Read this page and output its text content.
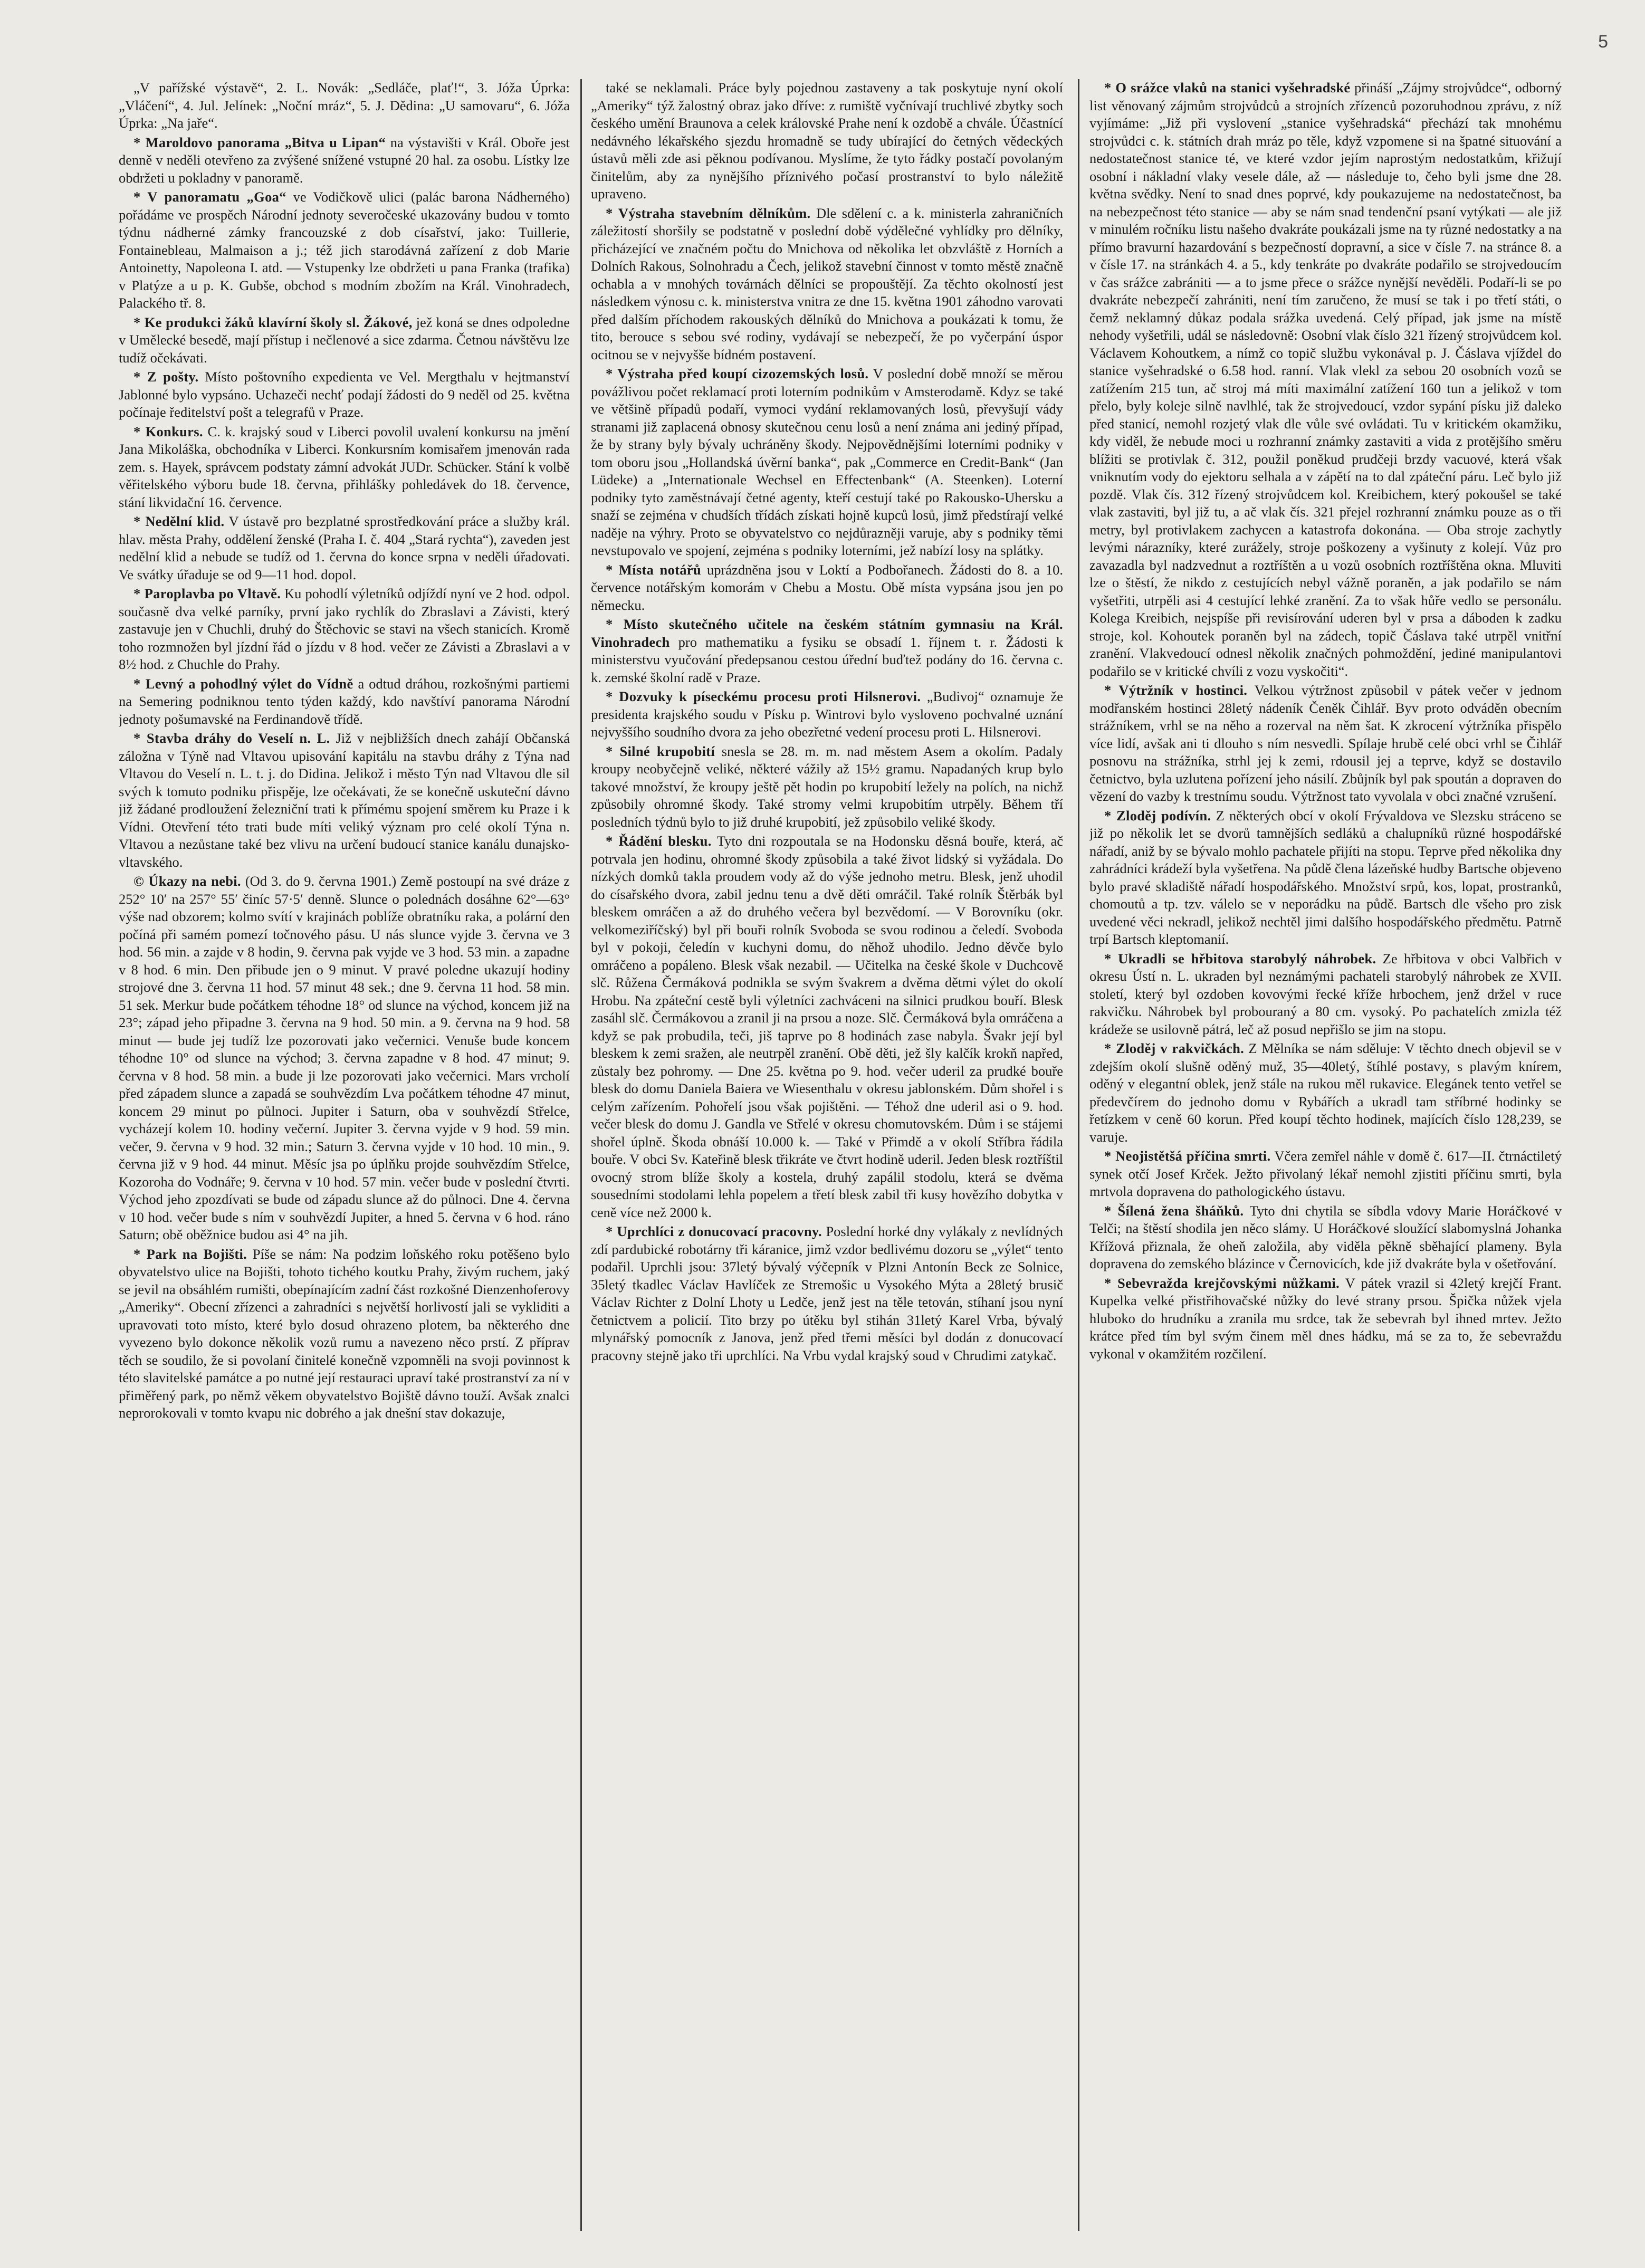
5

„V pařížské výstavě“, 2. L. Novák: „Sedláče, plať!“, 3. Jóža Úprka: „Vláčení“, 4. Jul. Jelínek: „Noční mráz“, 5. J. Dědina: „U samovaru“, 6. Jóža Úprka: „Na jaře“.

* Maroldovo panorama „Bitva u Lipan“ na výstavišti v Král. Oboře jest denně v neděli otevřeno za zvýšené snížené vstupné 20 hal. za osobu. Lístky lze obdržeti u pokladny v panoramě.

* V panoramatu „Goa“ ve Vodičkově ulici (palác barona Nádherného) pořádáme ve prospěch Národní jednoty severočeské ukazovány budou v tomto týdnu nádherné zámky francouzské z dob císařství, jako: Tuillerie, Fontainebleau, Malmaison a j.; též jich starodávná zařízení z dob Marie Antoinetty, Napoleona I. atd. — Vstupenky lze obdržeti u pana Franka (trafika) v Platýze a u p. K. Gubše, obchod s modním zbožím na Král. Vinohradech, Palackého tř. 8.

* Ke produkci žáků klavírní školy sl. Žákové, jež koná se dnes odpoledne v Umělecké besedě, mají přístup i nečlenové a sice zdarma. Četnou návštěvu lze tudíž očekávati.

* Z pošty. Místo poštovního expedienta ve Vel. Mergthalu v hejtmanství Jablonné bylo vypsáno. Uchazeči nechť podají žádosti do 9 neděl od 25. května počínaje ředitelství pošt a telegrafů v Praze.

* Konkurs. C. k. krajský soud v Liberci povolil uvalení konkursu na jmění Jana Mikoláška, obchodníka v Liberci. Konkursním komisařem jmenován rada zem. s. Hayek, správcem podstaty zámní advokát JUDr. Schücker. Stání k volbě věřitelského výboru bude 18. června, přihlášky pohledávek do 18. července, stání likvidační 16. července.

* Nedělní klid. V ústavě pro bezplatné sprostředkování práce a služby král. hlav. města Prahy, oddělení ženské (Praha I. č. 404 „Stará rychta“), zaveden jest nedělní klid a nebude se tudíž od 1. června do konce srpna v neděli úřadovati. Ve svátky úřaduje se od 9—11 hod. dopol.

* Paroplavba po Vltavě. Ku pohodlí výletníků odjíždí nyní ve 2 hod. odpol. současně dva velké parníky, první jako rychlík do Zbraslavi a Závisti, který zastavuje jen v Chuchli, druhý do Štěchovic se stavi na všech stanicích. Kromě toho rozmnožen byl jízdní řád o jízdu v 8 hod. večer ze Závisti a Zbraslavi a v 8½ hod. z Chuchle do Prahy.

* Levný a pohodlný výlet do Vídně a odtud dráhou, rozkošnými partiemi na Semering podniknou tento týden každý, kdo navštíví panorama Národní jednoty pošumavské na Ferdinandově třídě.

* Stavba dráhy do Veselí n. L. Již v nejbližších dnech zahájí Občanská záložna v Týně nad Vltavou upisování kapitálu na stavbu dráhy z Týna nad Vltavou do Veselí n. L. t. j. do Didina. Jelikož i město Týn nad Vltavou dle sil svých k tomuto podniku přispěje, lze očekávati, že se konečně uskuteční dávno již žádané prodloužení železniční trati k přímému spojení směrem ku Praze i k Vídni. Otevření této trati bude míti veliký význam pro celé okolí Týna n. Vltavou a nezůstane také bez vlivu na určení budoucí stanice kanálu dunajsko-vltavského.

© Úkazy na nebi. (Od 3. do 9. června 1901.) Země postoupí na své dráze z 252° 10′ na 257° 55′ činíc 57·5′ denně. Slunce o polednách dosáhne 62°—63° výše nad obzorem; kolmo svítí v krajinách poblíže obratníku raka, a polární den počíná při samém pomezí točnového pásu. U nás slunce vyjde 3. června ve 3 hod. 56 min. a zajde v 8 hodin, 9. června pak vyjde ve 3 hod. 53 min. a zapadne v 8 hod. 6 min. Den přibude jen o 9 minut. V pravé poledne ukazují hodiny strojové dne 3. června 11 hod. 57 minut 48 sek.; dne 9. června 11 hod. 58 min. 51 sek. Merkur bude počátkem téhodne 18° od slunce na východ, koncem již na 23°; západ jeho připadne 3. června na 9 hod. 50 min. a 9. června na 9 hod. 58 minut — bude jej tudíž lze pozorovati jako večernici. Venuše bude koncem téhodne 10° od slunce na východ; 3. června zapadne v 8 hod. 47 minut; 9. června v 8 hod. 58 min. a bude ji lze pozorovati jako večernici. Mars vrcholí před západem slunce a zapadá se souhvězdím Lva počátkem téhodne 47 minut, koncem 29 minut po půlnoci. Jupiter i Saturn, oba v souhvězdí Střelce, vycházejí kolem 10. hodiny večerní. Jupiter 3. června vyjde v 9 hod. 59 min. večer, 9. června v 9 hod. 32 min.; Saturn 3. června vyjde v 10 hod. 10 min., 9. června již v 9 hod. 44 minut. Měsíc jsa po úplňku projde souhvězdím Střelce, Kozoroha do Vodnáře; 9. června v 10 hod. 57 min. večer bude v poslední čtvrti. Východ jeho zpozdívati se bude od západu slunce až do půlnoci. Dne 4. června v 10 hod. večer bude s ním v souhvězdí Jupiter, a hned 5. června v 6 hod. ráno Saturn; obě oběžnice budou asi 4° na jih.

* Park na Bojišti. Píše se nám: Na podzim loňského roku potěšeno bylo obyvatelstvo ulice na Bojišti, tohoto tichého koutku Prahy, živým ruchem, jaký se jevil na obsáhlém rumišti, obepínajícím zadní část rozkošné Dienzenhoferovy „Ameriky“. Obecní zřízenci a zahradníci s největší horlivostí jali se vykliditi a upravovati toto místo, které bylo dosud ohrazeno plotem, ba některého dne vyvezeno bylo dokonce několik vozů rumu a navezeno něco prstí. Z příprav těch se soudilo, že si povolaní činitelé konečně vzpomněli na svoji povinnost k této slavitelské památce a po nutné její restauraci upraví také prostranství za ní v přiměřený park, po němž věkem obyvatelstvo Bojiště dávno touží. Avšak znalci neprorokovali v tomto kvapu nic dobrého a jak dnešní stav dokazuje,

také se neklamali. Práce byly pojednou zastaveny a tak poskytuje nyní okolí „Ameriky“ týž žalostný obraz jako dříve: z rumiště vyčnívají truchlivé zbytky soch českého umění Braunova a celek královské Prahe není k ozdobě a chvále. Účastnící nedávného lékařského sjezdu hromadně se tudy ubírající do četných vědeckých ústavů měli zde asi pěknou podívanou. Myslíme, že tyto řádky postačí povolaným činitelům, aby za nynějšího příznivého počasí prostranství to bylo náležitě upraveno.

* Výstraha stavebním dělníkům. Dle sdělení c. a k. ministerla zahraničních záležitostí shoršily se podstatně v poslední době výdělečné vyhlídky pro dělníky, přicházející ve značném počtu do Mnichova od několika let obzvláště z Horních a Dolních Rakous, Solnohradu a Čech, jelikož stavební činnost v tomto městě značně ochabla a v mnohých továrnách dělníci se propouštějí. Za těchto okolností jest následkem výnosu c. k. ministerstva vnitra ze dne 15. května 1901 záhodno varovati před dalším příchodem rakouských dělníků do Mnichova a poukázati k tomu, že tito, berouce s sebou své rodiny, vydávají se nebezpečí, že po vyčerpání úspor ocitnou se v nejvyšše bídném postavení.

* Výstraha před koupí cizozemských losů. V poslední době množí se měrou povážlivou počet reklamací proti loterním podnikům v Amsterodamě. Kdyz se také ve většině případů podaří, vymoci vydání reklamovaných losů, převyšují vády stranami již zaplacená obnosy skutečnou cenu losů a není známa ani jediný případ, že by strany byly bývaly uchráněny škody. Nejpovědnějšími loterními podniky v tom oboru jsou „Hollandská úvěrní banka“, pak „Commerce en Credit-Bank“ (Jan Lüdeke) a „Internationale Wechsel en Effectenbank“ (A. Steenken). Loterní podniky tyto zaměstnávají četné agenty, kteří cestují také po Rakousko-Uhersku a snaží se zejména v chudších třídách získati hojně kupců losů, jimž předstírají velké naděje na výhry. Proto se obyvatelstvo co nejdůrazněji varuje, aby s podniky těmi nevstupovalo ve spojení, zejména s podniky loterními, jež nabízí losy na splátky.

* Místa notářů uprázdněna jsou v Loktí a Podbořanech. Žádosti do 8. a 10. července notářským komorám v Chebu a Mostu. Obě místa vypsána jsou jen po německu.

* Místo skutečného učitele na českém státním gymnasiu na Král. Vinohradech pro mathematiku a fysiku se obsadí 1. říjnem t. r. Žádosti k ministerstvu vyučování předepsanou cestou úřední buďtež podány do 16. června c. k. zemské školní radě v Praze.

* Dozvuky k píseckému procesu proti Hilsnerovi. „Budivoj“ oznamuje že presidenta krajského soudu v Písku p. Wintrovi bylo vysloveno pochvalné uznání nejvyššího soudního dvora za jeho obezřetné vedení procesu proti L. Hilsnerovi.

* Silné krupobití snesla se 28. m. m. nad městem Asem a okolím. Padaly kroupy neobyčejně veliké, některé vážily až 15½ gramu. Napadaných krup bylo takové množství, že kroupy ještě pět hodin po krupobití ležely na polích, na nichž způsobily ohromné škody. Také stromy velmi krupobitím utrpěly. Během tří posledních týdnů bylo to již druhé krupobití, jež způsobilo veliké škody.

* Řádění blesku. Tyto dni rozpoutala se na Hodonsku děsná bouře, která, ač potrvala jen hodinu, ohromné škody způsobila a také život lidský si vyžádala. Do nízkých domků takla proudem vody až do výše jednoho metru. Blesk, jenž uhodil do císařského dvora, zabil jednu tenu a dvě děti omráčil. Také rolník Štěrbák byl bleskem omráčen a až do druhého večera byl bezvědomí. — V Borovníku (okr. velkomeziříčský) byl při bouři rolník Svoboda se svou rodinou a čeledí. Svoboda byl v pokoji, čeledín v kuchyni domu, do něhož uhodilo. Jedno děvče bylo omráčeno a popáleno. Blesk však nezabil. — Učitelka na české škole v Duchcově slč. Růžena Čermáková podnikla se svým švakrem a dvěma dětmi výlet do okolí Hrobu. Na zpáteční cestě byli výletníci zachváceni na silnici prudkou bouří. Blesk zasáhl slč. Čermákovou a zranil ji na prsou a noze. Slč. Čermáková byla omráčena a když se pak probudila, teči, jiš taprve po 8 hodinách zase nabyla. Švakr její byl bleskem k zemi sražen, ale neutrpěl zranění. Obě děti, jež šly kalčík krokň napřed, zůstaly bez pohromy. — Dne 25. května po 9. hod. večer uderil za prudké bouře blesk do domu Daniela Baiera ve Wiesenthalu v okresu jablonském. Dům shořel i s celým zařízením. Pohořelí jsou však pojištěni. — Téhož dne uderil asi o 9. hod. večer blesk do domu J. Gandla ve Střelé v okresu chomutovském. Dům i se stájemi shořel úplně. Škoda obnáší 10.000 k. — Také v Přimdě a v okolí Stříbra řádila bouře. V obci Sv. Kateřině blesk třikráte ve čtvrt hodině uderil. Jeden blesk roztříštil ovocný strom blíže školy a kostela, druhý zapálil stodolu, která se dvěma sousedními stodolami lehla popelem a třetí blesk zabil tři kusy hovězího dobytka v ceně více než 2000 k.

* Uprchlíci z donucovací pracovny. Poslední horké dny vylákaly z nevlídných zdí pardubické robotárny tři káranice, jimž vzdor bedlivému dozoru se „výlet“ tento podařil. Uprchli jsou: 37letý bývalý výčepník v Plzni Antonín Beck ze Solnice, 35letý tkadlec Václav Havlíček ze Stremošic u Vysokého Mýta a 28letý brusič Václav Richter z Dolní Lhoty u Ledče, jenž jest na těle tetován, stíhaní jsou nyní četnictvem a policií. Tito brzy po útěku byl stihán 31letý Karel Vrba, bývalý mlynářský pomocník z Janova, jenž před třemi měsíci byl dodán z donucovací pracovny stejně jako tři uprchlíci. Na Vrbu vydal krajský soud v Chrudimi zatykač.

* O srážce vlaků na stanici vyšehradské přináší „Zájmy strojvůdce“, odborný list věnovaný zájmům strojvůdců a strojních zřízenců pozoruhodnou zprávu, z níž vyjímáme: „Již při vyslovení „stanice vyšehradská“ přechází tak mnohému strojvůdci c. k. státních drah mráz po těle, když vzpomene si na špatné situování a nedostatečnost stanice té, ve které vzdor jejím naprostým nedostatkům, křižují osobní i nákladní vlaky vesele dále, až — následuje to, čeho byli jsme dne 28. května svědky. Není to snad dnes poprvé, kdy poukazujeme na nedostatečnost, ba na nebezpečnost této stanice — aby se nám snad tendenční psaní vytýkati — ale již v minulém ročníku listu našeho dvakráte poukázali jsme na ty různé nedostatky a na přímo bravurní hazardování s bezpečností dopravní, a sice v čísle 7. na stránce 8. a v čísle 17. na stránkách 4. a 5., kdy tenkráte po dvakráte podařilo se strojvedoucím v čas srážce zabrániti — a to jsme přece o srážce nynější nevěděli. Podaří-li se po dvakráte nebezpečí zahrániti, není tím zaručeno, že musí se tak i po třetí státi, o čemž neklamný důkaz podala srážka uvedená. Celý případ, jak jsme na místě nehody vyšetřili, udál se následovně: Osobní vlak číslo 321 řízený strojvůdcem kol. Václavem Kohoutkem, a nímž co topič službu vykonával p. J. Čáslava vjíždel do stanice vyšehradské o 6.58 hod. ranní. Vlak vlekl za sebou 20 osobních vozů se zatížením 215 tun, ač stroj má míti maximální zatížení 160 tun a jelikož v tom přelo, byly koleje silně navlhlé, tak že strojvedoucí, vzdor sypání písku již daleko před stanicí, nemohl rozjetý vlak dle vůle své ovládati. Tu v kritickém okamžiku, kdy viděl, že nebude moci u rozhranní známky zastaviti a vida z protějšího směru blížiti se protivlak č. 312, použil poněkud prudčeji brzdy vacuové, která však vniknutím vody do ejektoru selhala a v zápětí na to dal zpáteční páru. Leč bylo již pozdě. Vlak čís. 312 řízený strojvůdcem kol. Kreibichem, který pokoušel se také vlak zastaviti, byl již tu, a ač vlak čís. 321 přejel rozhranní známku pouze as o tři metry, byl protivlakem zachycen a katastrofa dokonána. — Oba stroje zachytly levými nárazníky, které zurážely, stroje poškozeny a vyšinuty z kolejí. Vůz pro zavazadla byl nadzvednut a roztříštěn a u vozů osobních roztříštěna okna. Mluviti lze o štěstí, že nikdo z cestujících nebyl vážně poraněn, a jak podařilo se nám vyšetřiti, utrpěli asi 4 cestující lehké zranění. Za to však hůře vedlo se personálu. Kolega Kreibich, nejspíše při revisírování uderen byl v prsa a dáboden k zadku stroje, kol. Kohoutek poraněn byl na zádech, topič Čáslava také utrpěl vnitřní zranění. Vlakvedoucí odnesl několik značných pohmoždění, jediné manipulantovi podařilo se v kritické chvíli z vozu vyskočiti“.

* Výtržník v hostinci. Velkou výtržnost způsobil v pátek večer v jednom modřanském hostinci 28letý nádeník Čeněk Čihlář. Byv proto odváděn obecním strážníkem, vrhl se na něho a rozerval na něm šat. K zkrocení výtržníka přispělo více lidí, avšak ani ti dlouho s ním nesvedli. Spílaje hrubě celé obci vrhl se Čihlář posnovu na strážníka, strhl jej k zemi, rdousil jej a teprve, když se dostavilo četnictvo, byla uzlutena pořízení jeho násilí. Zbůjník byl pak spoután a dopraven do vězení do vazby k trestnímu soudu. Výtržnost tato vyvolala v obci značné vzrušení.

* Zloděj podívín. Z některých obcí v okolí Frývaldova ve Slezsku stráceno se již po několik let se dvorů tamnějších sedláků a chalupníků různé hospodářské nářadí, aniž by se bývalo mohlo pachatele přijíti na stopu. Teprve před několika dny zahrádníci krádeží byla vyšetřena. Na půdě člena lázeňské hudby Bartsche objeveno bylo pravé skladiště nářadí hospodářského. Množství srpů, kos, lopat, prostranků, chomoutů a tp. tzv. válelo se v neporádku na půdě. Bartsch dle všeho pro zisk uvedené věci nekradl, jelikož nechtěl jimi dalšího hospodářského předmětu. Patrně trpí Bartsch kleptomanií.

* Ukradli se hřbitova starobylý náhrobek. Ze hřbitova v obci Valbřich v okresu Ústí n. L. ukraden byl neznámými pachateli starobylý náhrobek ze XVII. století, který byl ozdoben kovovými řecké kříže hrbochem, jenž držel v ruce rakvičku. Náhrobek byl probouraný a 80 cm. vysoký. Po pachatelích zmizla též krádeže se usilovně pátrá, leč až posud nepřišlo se jim na stopu.

* Zloděj v rakvičkách. Z Mělníka se nám sděluje: V těchto dnech objevil se v zdejším okolí slušně oděný muž, 35—40letý, štíhlé postavy, s plavým knírem, oděný v elegantní oblek, jenž stále na rukou měl rukavice. Elegánek tento vetřel se předevčírem do jednoho domu v Rybářích a ukradl tam stříbrné hodinky se řetízkem v ceně 60 korun. Před koupí těchto hodinek, majících číslo 128,239, se varuje.

* Neojistětšá příčina smrti. Včera zemřel náhle v domě č. 617—II. čtrnáctiletý synek otčí Josef Krček. Ježto přivolaný lékař nemohl zjistiti příčinu smrti, byla mrtvola dopravena do pathologického ústavu.

* Šílená žena šháňků. Tyto dni chytila se síbdla vdovy Marie Horáčkové v Telči; na štěstí shodila jen něco slámy. U Horáčkové sloužící slabomyslná Johanka Křížová přiznala, že oheň založila, aby viděla pěkně sběhající plameny. Byla dopravena do zemského blázince v Černovicích, kde již dvakráte byla v ošetřování.

* Sebevražda krejčovskými nůžkami. V pátek vrazil si 42letý krejčí Frant. Kupelka velké přistřihovačské nůžky do levé strany prsou. Špička nůžek vjela hluboko do hrudníku a zranila mu srdce, tak že sebevrah byl ihned mrtev. Ježto krátce před tím byl svým činem měl dnes hádku, má se za to, že sebevraždu vykonal v okamžitém rozčilení.
